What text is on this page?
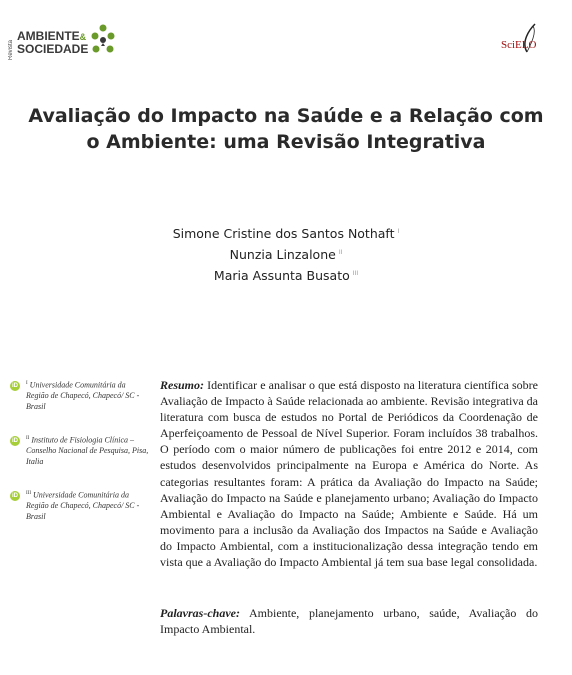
Revista
AMBIENTE&
SOCIEDADE	SciELO
Avaliação do Impacto na Saúde e a Relação com o Ambiente: uma Revisão Integrativa
Simone Cristine dos Santos Nothaft $^I$
Nunzia Linzalone $^{II}$
Maria Assunta Busato $^{III}$
iD	$^I$ Universidade Comunitária da Região de Chapecó, Chapecó/ SC - Brasil
iD	$^{II}$ Instituto de Fisiologia Clínica – Conselho Nacional de Pesquisa, Pisa, Italia
iD	$^{III}$ Universidade Comunitária da Região de Chapecó, Chapecó/ SC - Brasil
Resumo: Identificar e analisar o que está disposto na literatura científica sobre Avaliação de Impacto à Saúde relacionada ao ambiente. Revisão integrativa da literatura com busca de estudos no Portal de Periódicos da Coordenação de Aperfeiçoamento de Pessoal de Nível Superior. Foram incluídos 38 trabalhos. O período com o maior número de publicações foi entre 2012 e 2014, com estudos desenvolvidos principalmente na Europa e América do Norte. As categorias resultantes foram: A prática da Avaliação do Impacto na Saúde; Avaliação do Impacto na Saúde e planejamento urbano; Avaliação do Impacto Ambiental e Avaliação do Impacto na Saúde; Ambiente e Saúde. Há um movimento para a inclusão da Avaliação dos Impactos na Saúde e Avaliação do Impacto Ambiental, com a institucionalização dessa integração tendo em vista que a Avaliação do Impacto Ambiental já tem sua base legal consolidada.
Palavras-chave: Ambiente, planejamento urbano, saúde, Avaliação do Impacto Ambiental.
